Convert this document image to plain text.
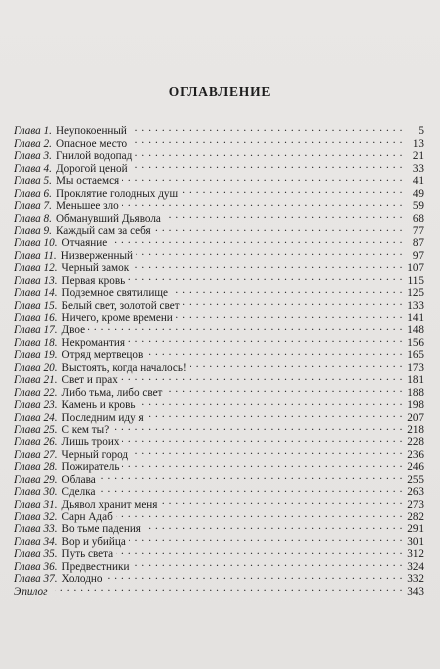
ОГЛАВЛЕНИЕ
Глава 1. Неупокоенный . . .	5
Глава 2. Опасное место . . .	13
Глава 3. Гнилой водопад . . .	21
Глава 4. Дорогой ценой . . .	33
Глава 5. Мы остаемся . . .	41
Глава 6. Проклятие голодных душ . . .	49
Глава 7. Меньшее зло . . .	59
Глава 8. Обманувший Дьявола . . .	68
Глава 9. Каждый сам за себя . . .	77
Глава 10. Отчаяние . . .	87
Глава 11. Низверженный . . .	97
Глава 12. Черный замок . . .	107
Глава 13. Первая кровь . . .	115
Глава 14. Подземное святилище . . .	125
Глава 15. Белый свет, золотой свет . . .	133
Глава 16. Ничего, кроме времени . . .	141
Глава 17. Двое . . .	148
Глава 18. Некромантия . . .	156
Глава 19. Отряд мертвецов . . .	165
Глава 20. Выстоять, когда началось! . . .	173
Глава 21. Свет и прах . . .	181
Глава 22. Либо тьма, либо свет . . .	188
Глава 23. Камень и кровь . . .	198
Глава 24. Последним иду я . . .	207
Глава 25. С кем ты? . . .	218
Глава 26. Лишь троих . . .	228
Глава 27. Черный город . . .	236
Глава 28. Пожиратель . . .	246
Глава 29. Облава . . .	255
Глава 30. Сделка . . .	263
Глава 31. Дьявол хранит меня . . .	273
Глава 32. Сарн Адаб . . .	282
Глава 33. Во тьме падения . . .	291
Глава 34. Вор и убийца . . .	301
Глава 35. Путь света . . .	312
Глава 36. Предвестники . . .	324
Глава 37. Холодно . . .	332
Эпилог . . .	343
